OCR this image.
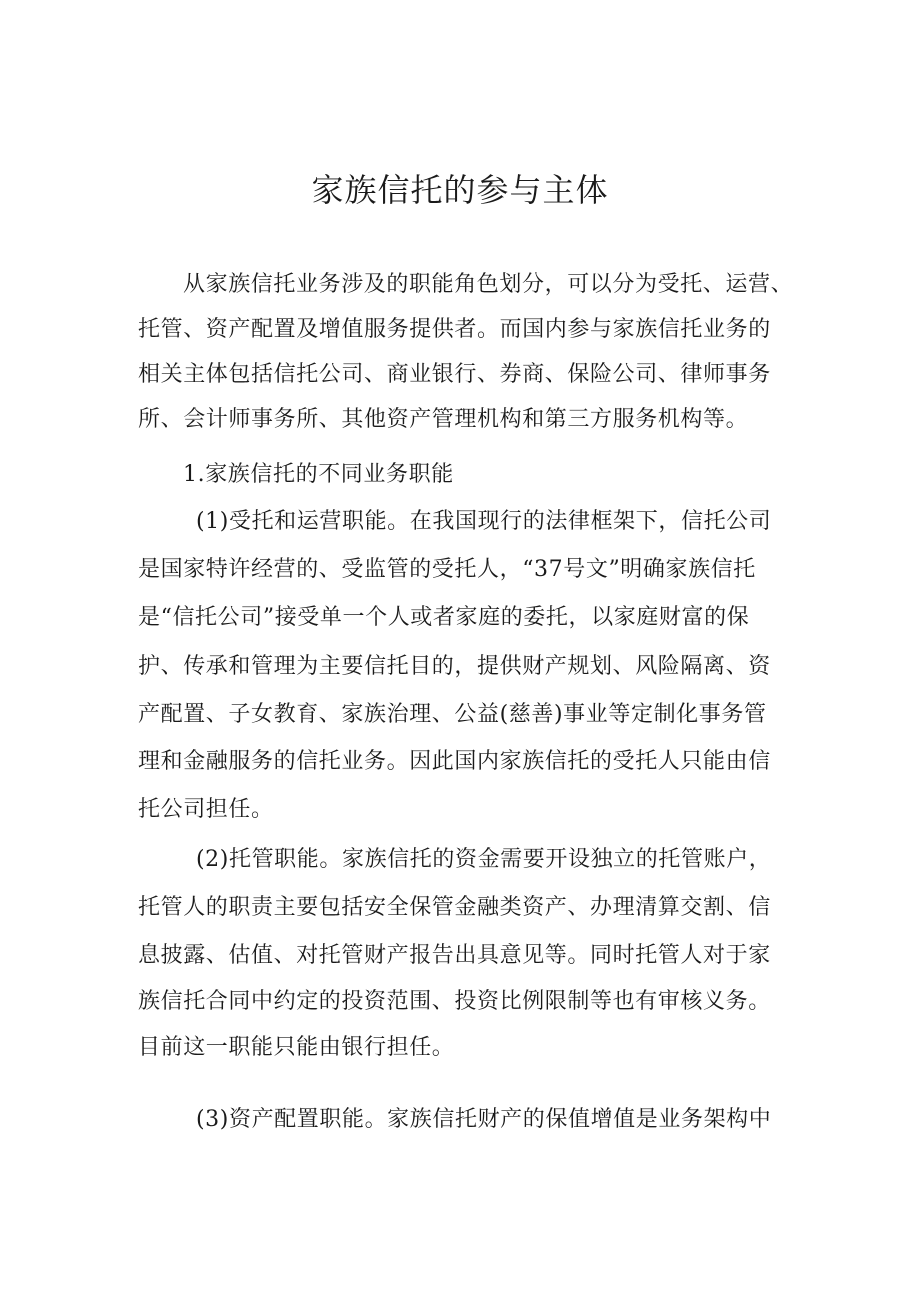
家族信托的参与主体
从家族信托业务涉及的职能角色划分，可以分为受托、运营、
托管、资产配置及增值服务提供者。而国内参与家族信托业务的
相关主体包括信托公司、商业银行、券商、保险公司、律师事务
所、会计师事务所、其他资产管理机构和第三方服务机构等。
1.家族信托的不同业务职能
(1)受托和运营职能。在我国现行的法律框架下，信托公司
是国家特许经营的、受监管的受托人，“37号文”明确家族信托
是“信托公司”接受单一个人或者家庭的委托，以家庭财富的保
护、传承和管理为主要信托目的，提供财产规划、风险隔离、资
产配置、子女教育、家族治理、公益(慈善)事业等定制化事务管
理和金融服务的信托业务。因此国内家族信托的受托人只能由信
托公司担任。
(2)托管职能。家族信托的资金需要开设独立的托管账户，
托管人的职责主要包括安全保管金融类资产、办理清算交割、信
息披露、估值、对托管财产报告出具意见等。同时托管人对于家
族信托合同中约定的投资范围、投资比例限制等也有审核义务。
目前这一职能只能由银行担任。
(3)资产配置职能。家族信托财产的保值增值是业务架构中
